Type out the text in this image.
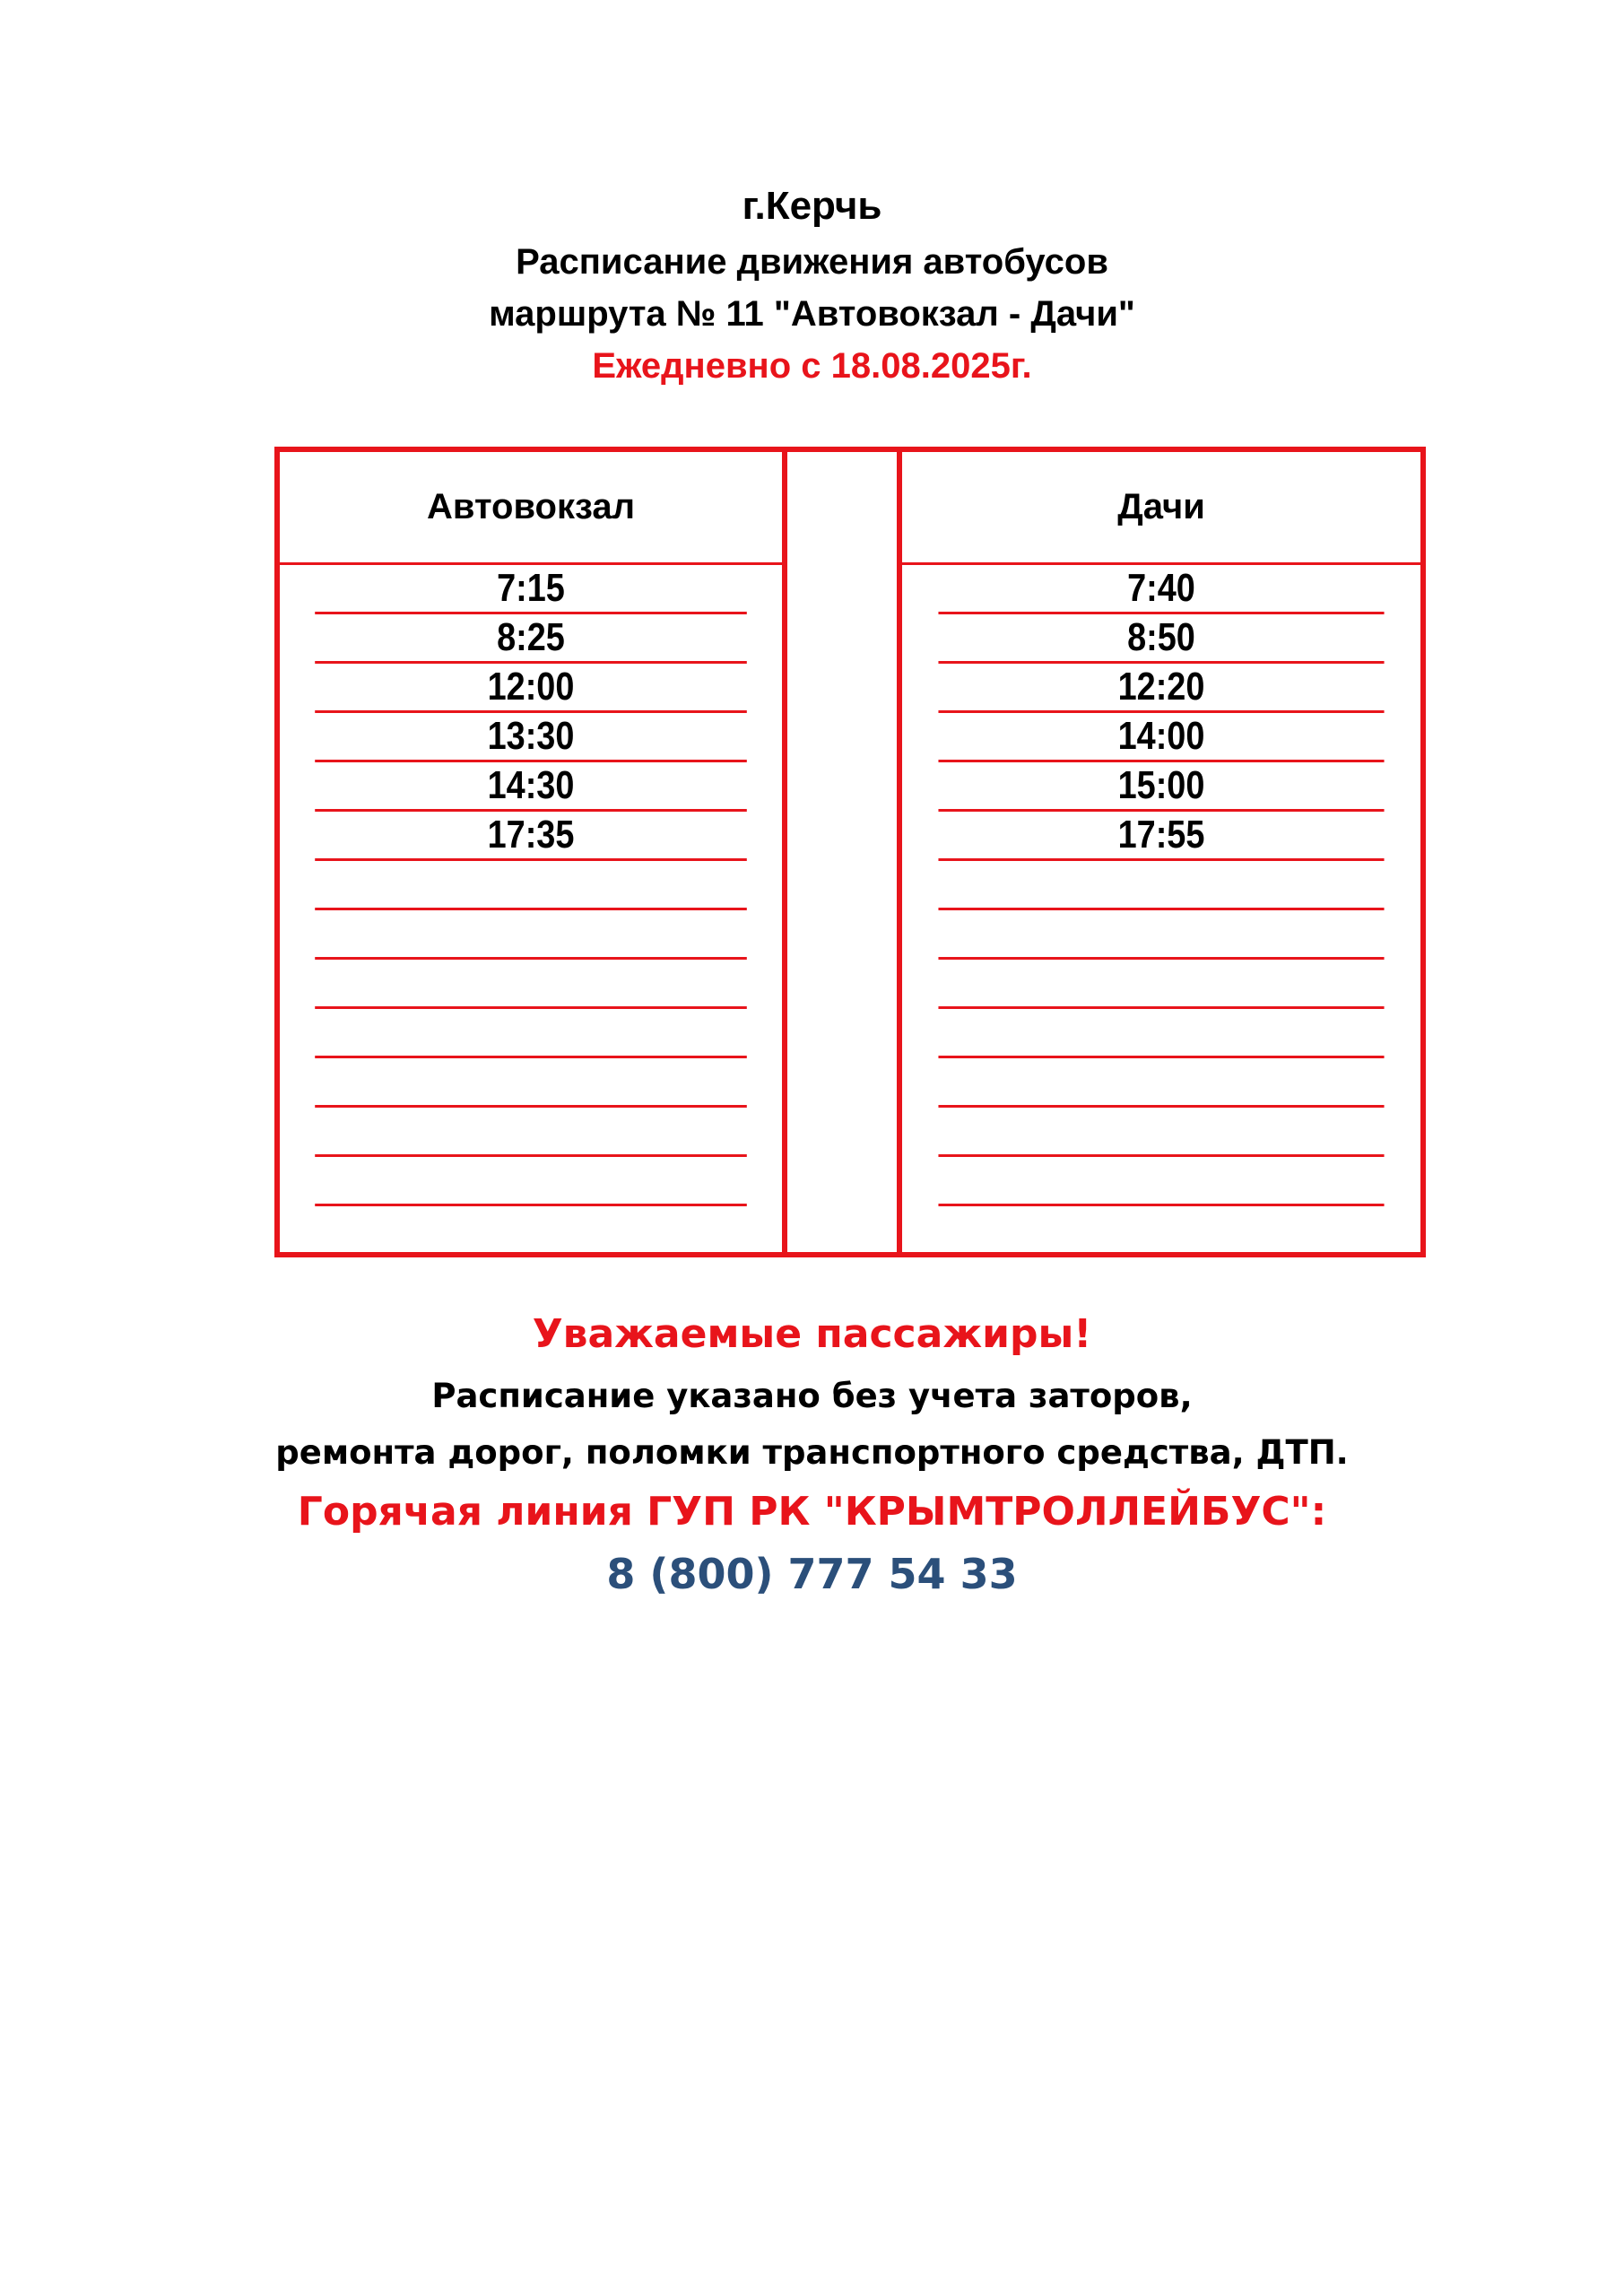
г.Керчь
Расписание движения автобусов
маршрута № 11 "Автовокзал - Дачи"
Ежедневно с 18.08.2025г.
Автовокзал
7:15
8:25
12:00
13:30
14:30
17:35
Дачи
7:40
8:50
12:20
14:00
15:00
17:55
Уважаемые пассажиры!
Расписание указано без учета заторов,
ремонта дорог, поломки транспортного средства, ДТП.
Горячая линия ГУП РК "КРЫМТРОЛЛЕЙБУС":
8 (800) 777 54 33
